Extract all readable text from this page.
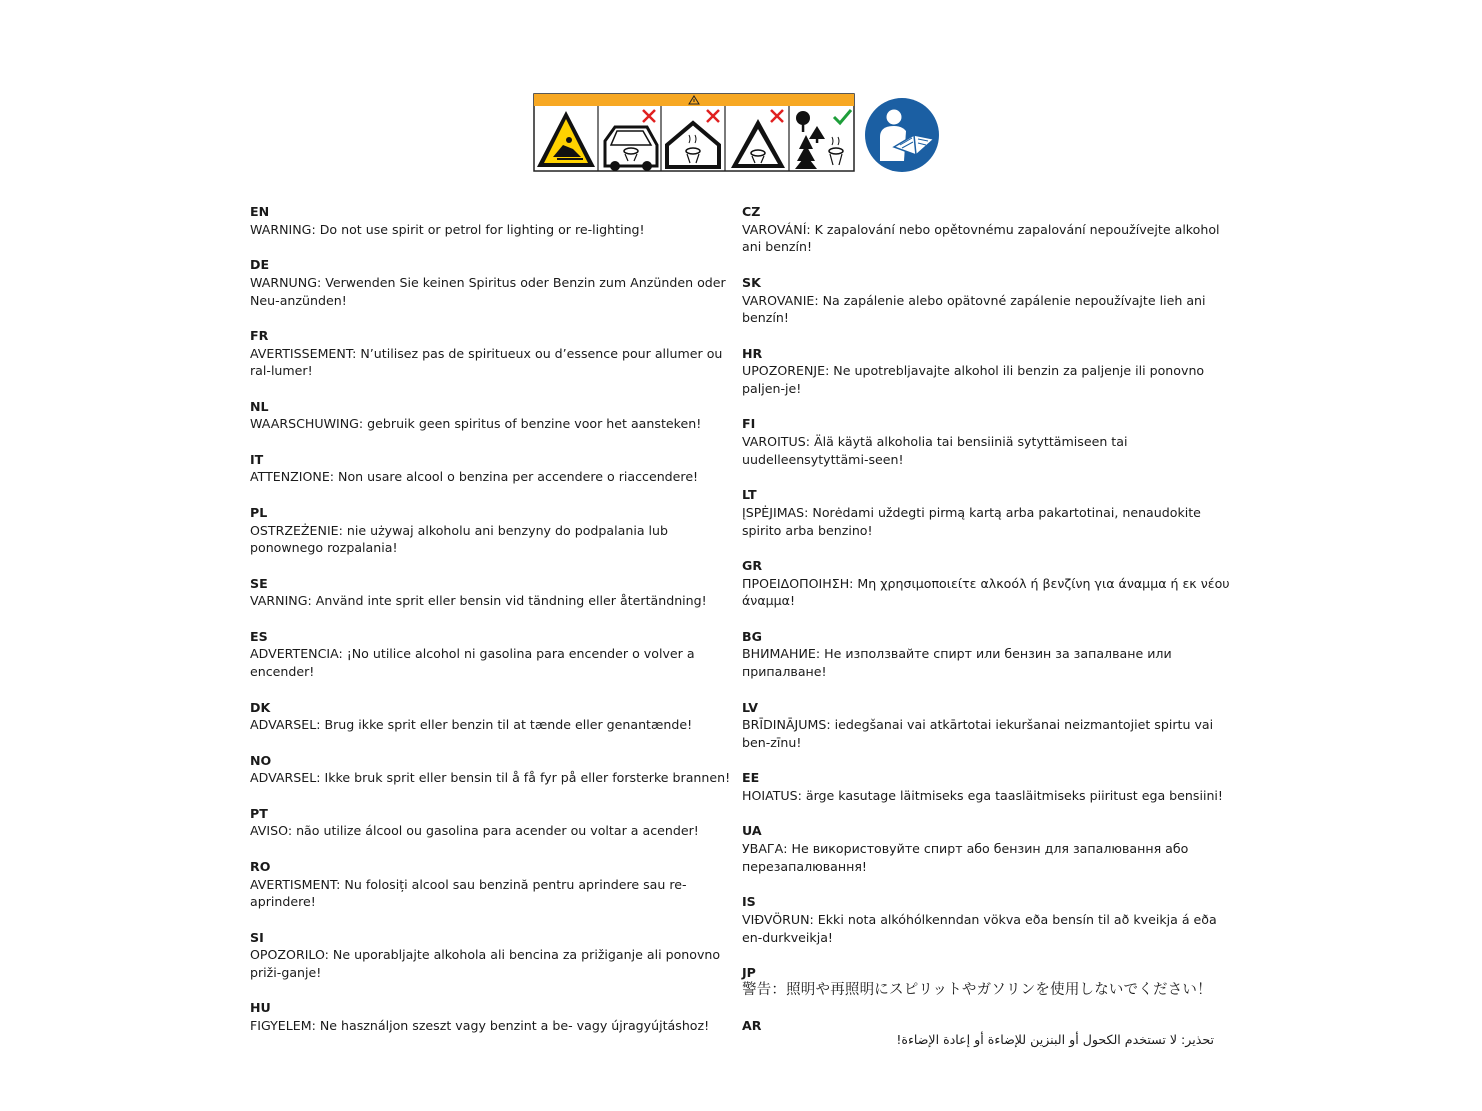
EN
WARNING: Do not use spirit or petrol for lighting or re-lighting!
DE
WARNUNG: Verwenden Sie keinen Spiritus oder Benzin zum Anzünden oder Neu-anzünden!
FR
AVERTISSEMENT: N’utilisez pas de spiritueux ou d’essence pour allumer ou ral-lumer!
NL
WAARSCHUWING: gebruik geen spiritus of benzine voor het aansteken!
IT
ATTENZIONE: Non usare alcool o benzina per accendere o riaccendere!
PL
OSTRZEŻENIE: nie używaj alkoholu ani benzyny do podpalania lub ponownego rozpalania!
SE
VARNING: Använd inte sprit eller bensin vid tändning eller återtändning!
ES
ADVERTENCIA: ¡No utilice alcohol ni gasolina para encender o volver a encender!
DK
ADVARSEL: Brug ikke sprit eller benzin til at tænde eller genantænde!
NO
ADVARSEL: Ikke bruk sprit eller bensin til å få fyr på eller forsterke brannen!
PT
AVISO: não utilize álcool ou gasolina para acender ou voltar a acender!
RO
AVERTISMENT: Nu folosiți alcool sau benzină pentru aprindere sau re-aprindere!
SI
OPOZORILO: Ne uporabljajte alkohola ali bencina za prižiganje ali ponovno priži-ganje!
HU
FIGYELEM: Ne használjon szeszt vagy benzint a be- vagy újragyújtáshoz!
CZ
VAROVÁNÍ: K zapalování nebo opětovnému zapalování nepoužívejte alkohol ani benzín!
SK
VAROVANIE: Na zapálenie alebo opätovné zapálenie nepoužívajte lieh ani benzín!
HR
UPOZORENJE: Ne upotrebljavajte alkohol ili benzin za paljenje ili ponovno paljen-je!
FI
VAROITUS: Älä käytä alkoholia tai bensiiniä sytyttämiseen tai uudelleensytyttämi-seen!
LT
ĮSPĖJIMAS: Norėdami uždegti pirmą kartą arba pakartotinai, nenaudokite spirito arba benzino!
GR
ΠΡΟΕΙΔΟΠΟΙΗΣΗ: Μη χρησιμοποιείτε αλκοόλ ή βενζίνη για άναμμα ή εκ νέου άναμμα!
BG
ВНИМАНИЕ: Не използвайте спирт или бензин за запалване или припалване!
LV
BRĪDINĀJUMS: iedegšanai vai atkārtotai iekuršanai neizmantojiet spirtu vai ben-zīnu!
EE
HOIATUS: ärge kasutage läitmiseks ega taasläitmiseks piiritust ega bensiini!
UA
УВАГА: Не використовуйте спирт або бензин для запалювання або перезапалювання!
IS
VIÐVÖRUN: Ekki nota alkóhólkenndan vökva eða bensín til að kveikja á eða en-durkveikja!
JP
警告：照明や再照明にスピリットやガソリンを使用しないでください！
AR
تحذير: لا تستخدم الكحول أو البنزين للإضاءة أو إعادة الإضاءة!
